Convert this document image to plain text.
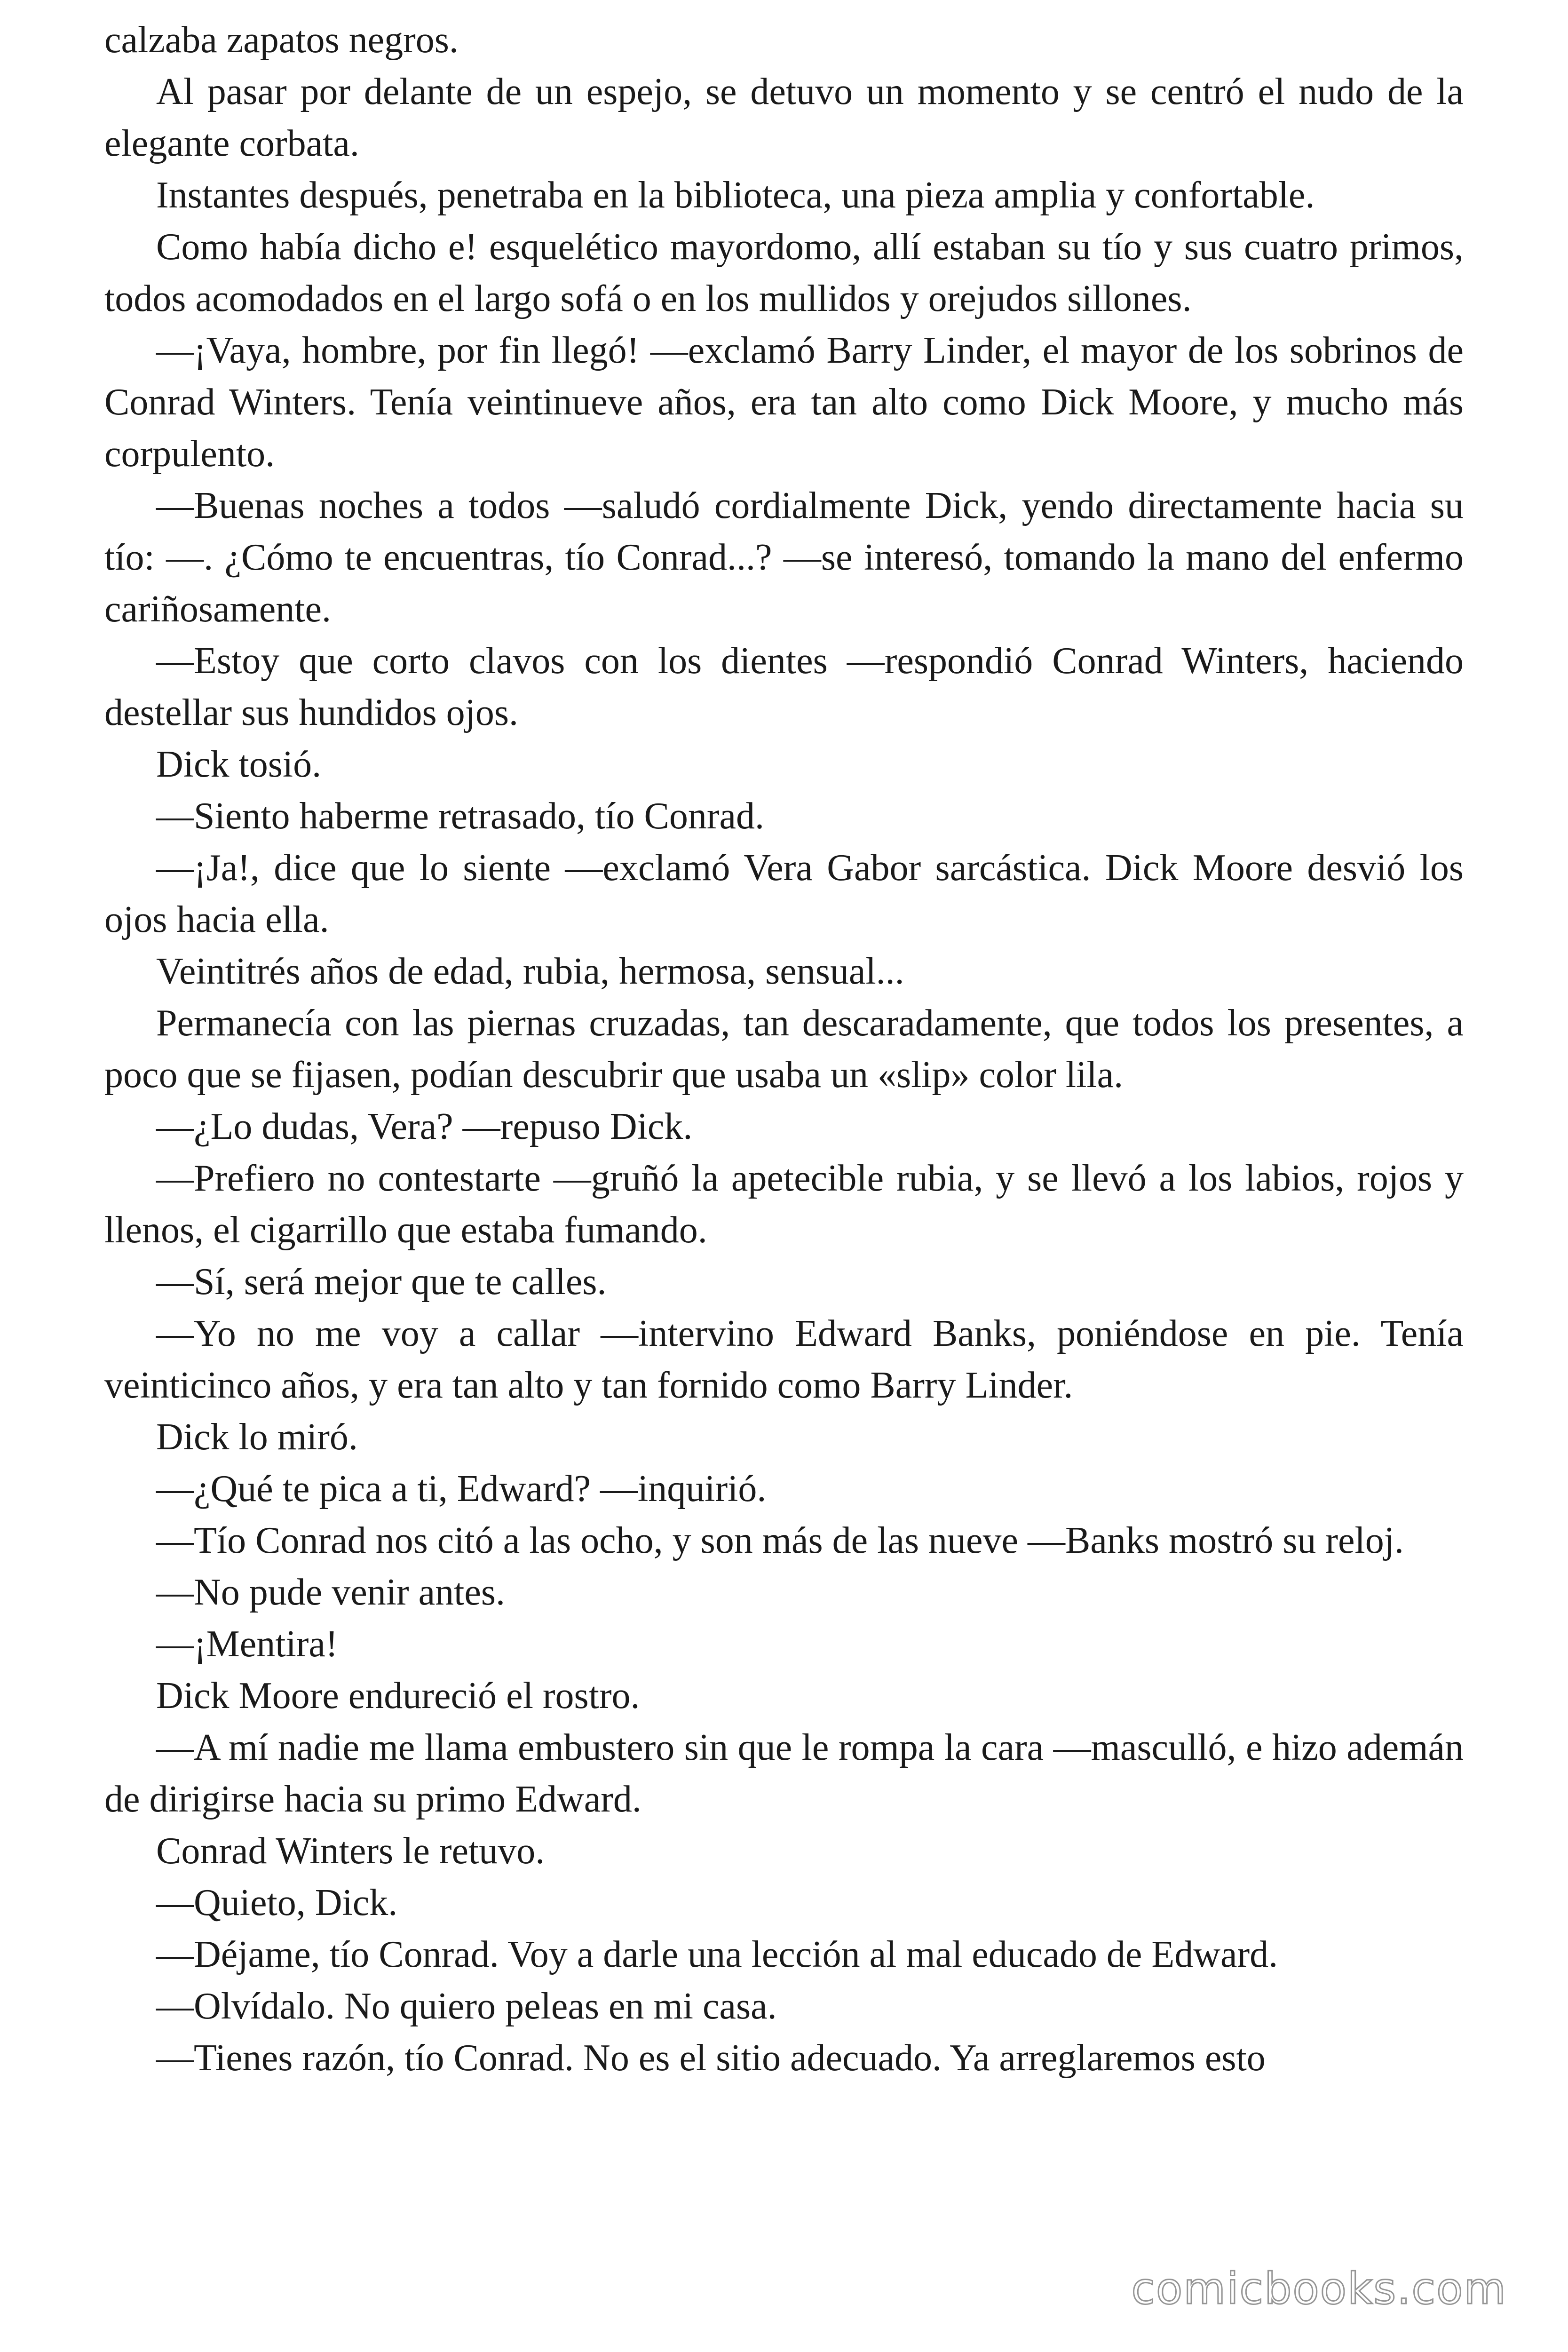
calzaba zapatos negros.

Al pasar por delante de un espejo, se detuvo un momento y se centró el nudo de la elegante corbata.

Instantes después, penetraba en la biblioteca, una pieza amplia y confortable.

Como había dicho e! esquelético mayordomo, allí estaban su tío y sus cuatro primos, todos acomodados en el largo sofá o en los mullidos y orejudos sillones.

—¡Vaya, hombre, por fin llegó! —exclamó Barry Linder, el mayor de los sobrinos de Conrad Winters. Tenía veintinueve años, era tan alto como Dick Moore, y mucho más corpulento.

—Buenas noches a todos —saludó cordialmente Dick, yendo directamente hacia su tío: —. ¿Cómo te encuentras, tío Conrad...? —se interesó, tomando la mano del enfermo cariñosamente.

—Estoy que corto clavos con los dientes —respondió Conrad Winters, haciendo destellar sus hundidos ojos.

Dick tosió.

—Siento haberme retrasado, tío Conrad.

—¡Ja!, dice que lo siente —exclamó Vera Gabor sarcástica. Dick Moore desvió los ojos hacia ella.

Veintitrés años de edad, rubia, hermosa, sensual...

Permanecía con las piernas cruzadas, tan descaradamente, que todos los presentes, a poco que se fijasen, podían descubrir que usaba un «slip» color lila.

—¿Lo dudas, Vera? —repuso Dick.

—Prefiero no contestarte —gruñó la apetecible rubia, y se llevó a los labios, rojos y llenos, el cigarrillo que estaba fumando.

—Sí, será mejor que te calles.

—Yo no me voy a callar —intervino Edward Banks, poniéndose en pie. Tenía veinticinco años, y era tan alto y tan fornido como Barry Linder.

Dick lo miró.

—¿Qué te pica a ti, Edward? —inquirió.

—Tío Conrad nos citó a las ocho, y son más de las nueve —Banks mostró su reloj.

—No pude venir antes.

—¡Mentira!

Dick Moore endureció el rostro.

—A mí nadie me llama embustero sin que le rompa la cara —masculló, e hizo ademán de dirigirse hacia su primo Edward.

Conrad Winters le retuvo.

—Quieto, Dick.

—Déjame, tío Conrad. Voy a darle una lección al mal educado de Edward.

—Olvídalo. No quiero peleas en mi casa.

—Tienes razón, tío Conrad. No es el sitio adecuado. Ya arreglaremos esto

comicbooks.com
